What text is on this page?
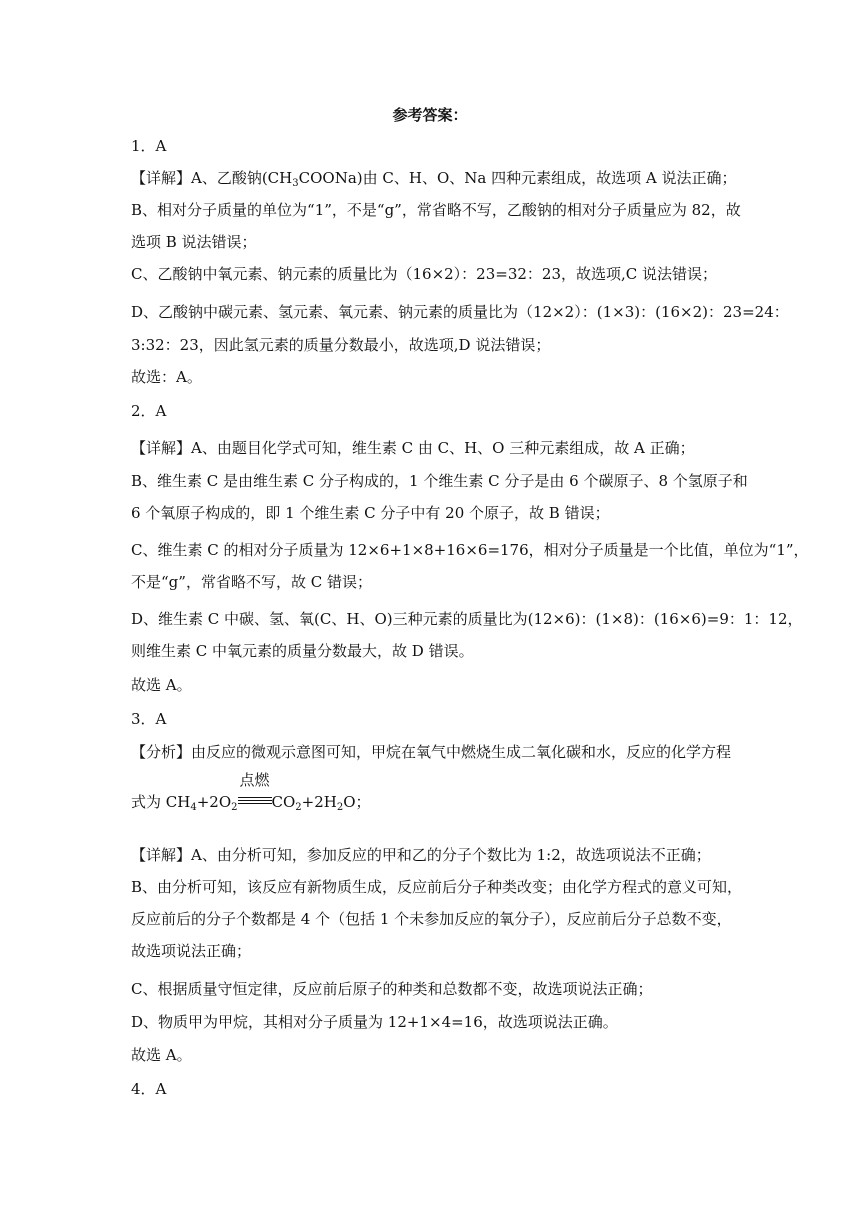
参考答案：
1．A
【详解】A、乙酸钠$(CH_3COONa)$由 C、H、O、Na 四种元素组成，故选项 A 说法正确；
B、相对分子质量的单位为“1”，不是“g”，常省略不写，乙酸钠的相对分子质量应为 82，故
选项 B 说法错误；
C、乙酸钠中氧元素、钠元素的质量比为（16×2）：23=32：23，故选项,C 说法错误；
D、乙酸钠中碳元素、氢元素、氧元素、钠元素的质量比为（12×2）：(1×3)：(16×2)：23=24：
3:32：23，因此氢元素的质量分数最小，故选项,D 说法错误；
故选：A。
2．A
【详解】A、由题目化学式可知，维生素 C 由 C、H、O 三种元素组成，故 A 正确；
B、维生素 C 是由维生素 C 分子构成的，1 个维生素 C 分子是由 6 个碳原子、8 个氢原子和
6 个氧原子构成的，即 1 个维生素 C 分子中有 20 个原子，故 B 错误；
C、维生素 C 的相对分子质量为 12×6+1×8+16×6=176，相对分子质量是一个比值，单位为“1”，
不是“g”，常省略不写，故 C 错误；
D、维生素 C 中碳、氢、氧(C、H、O)三种元素的质量比为(12×6)：(1×8)：(16×6)=9：1：12，
则维生素 C 中氧元素的质量分数最大，故 D 错误。
故选 A。
3．A
【分析】由反应的微观示意图可知，甲烷在氧气中燃烧生成二氧化碳和水，反应的化学方程
式为 $CH_4+2O_2$
点燃
$CO_2+2H_2O$；
【详解】A、由分析可知，参加反应的甲和乙的分子个数比为 1:2，故选项说法不正确；
B、由分析可知，该反应有新物质生成，反应前后分子种类改变；由化学方程式的意义可知，
反应前后的分子个数都是 4 个（包括 1 个未参加反应的氧分子），反应前后分子总数不变，
故选项说法正确；
C、根据质量守恒定律，反应前后原子的种类和总数都不变，故选项说法正确；
D、物质甲为甲烷，其相对分子质量为 12+1×4=16，故选项说法正确。
故选 A。
4．A
